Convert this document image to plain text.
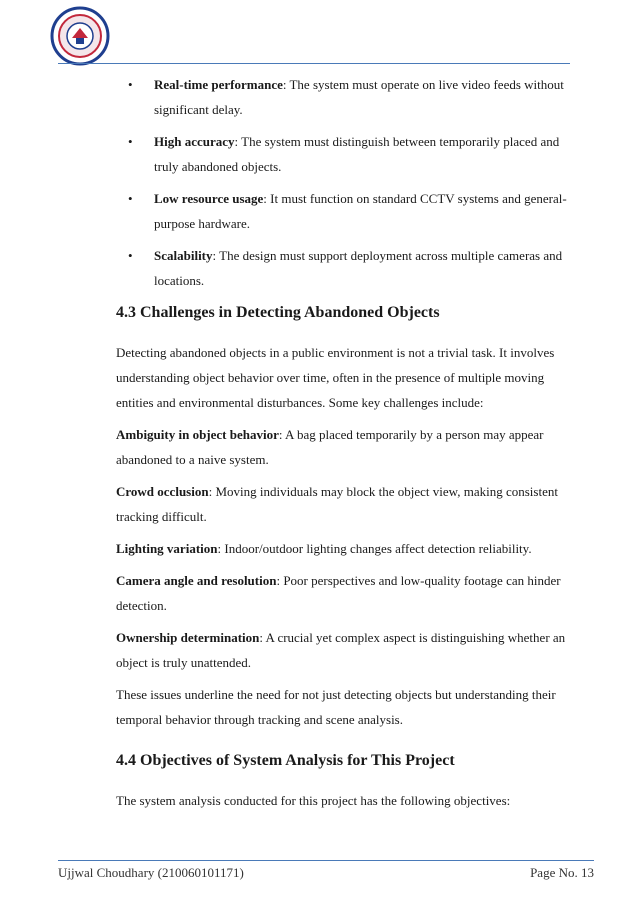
• Real-time performance: The system must operate on live video feeds without significant delay.
• High accuracy: The system must distinguish between temporarily placed and truly abandoned objects.
• Low resource usage: It must function on standard CCTV systems and general-purpose hardware.
• Scalability: The design must support deployment across multiple cameras and locations.
4.3 Challenges in Detecting Abandoned Objects

Detecting abandoned objects in a public environment is not a trivial task. It involves understanding object behavior over time, often in the presence of multiple moving entities and environmental disturbances. Some key challenges include:

Ambiguity in object behavior: A bag placed temporarily by a person may appear abandoned to a naive system.

Crowd occlusion: Moving individuals may block the object view, making consistent tracking difficult.

Lighting variation: Indoor/outdoor lighting changes affect detection reliability.

Camera angle and resolution: Poor perspectives and low-quality footage can hinder detection.

Ownership determination: A crucial yet complex aspect is distinguishing whether an object is truly unattended.

These issues underline the need for not just detecting objects but understanding their temporal behavior through tracking and scene analysis.

4.4 Objectives of System Analysis for This Project

The system analysis conducted for this project has the following objectives:

Ujjwal Choudhary (210060101171)	Page No. 13
